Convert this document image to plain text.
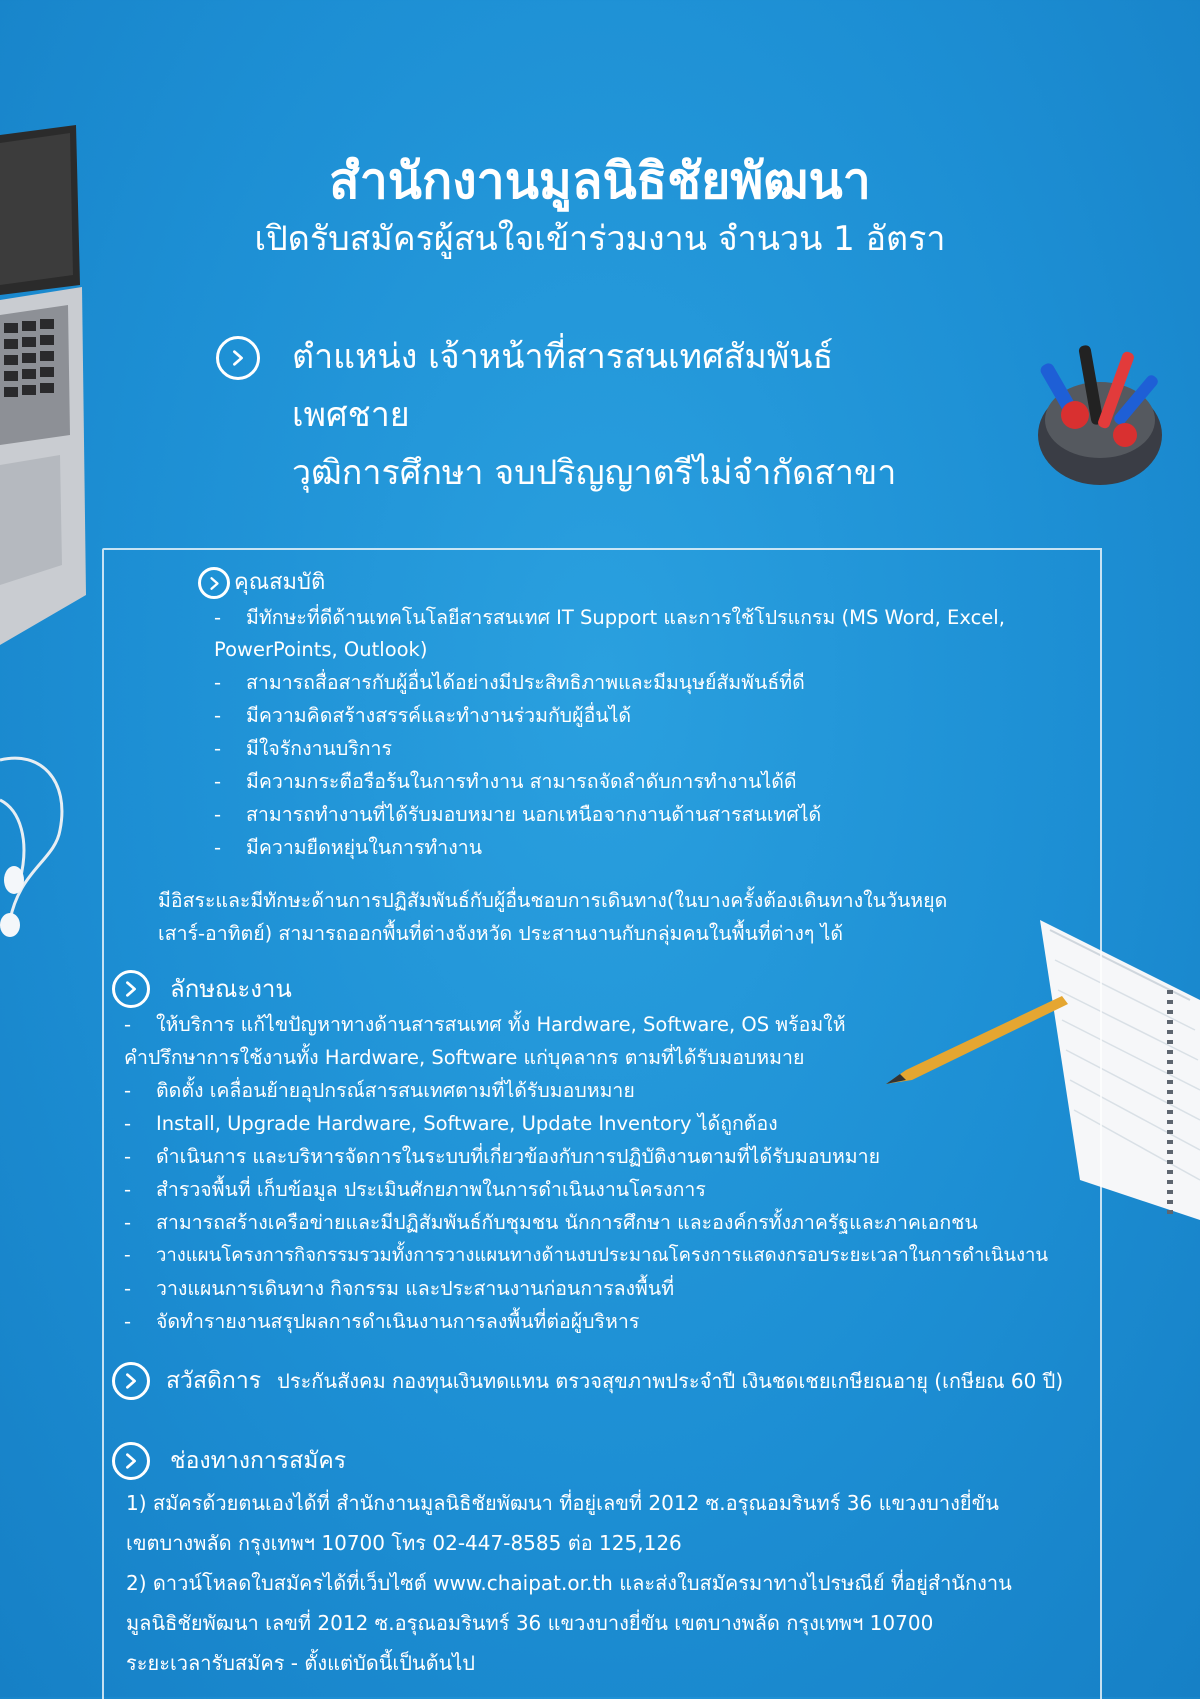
สำนักงานมูลนิธิชัยพัฒนา
เปิดรับสมัครผู้สนใจเข้าร่วมงาน จำนวน 1 อัตรา
ตำแหน่ง เจ้าหน้าที่สารสนเทศสัมพันธ์
เพศชาย
วุฒิการศึกษา จบปริญญาตรีไม่จำกัดสาขา
คุณสมบัติ
- มีทักษะที่ดีด้านเทคโนโลยีสารสนเทศ IT Support และการใช้โปรแกรม (MS Word, Excel,
PowerPoints, Outlook)
- สามารถสื่อสารกับผู้อื่นได้อย่างมีประสิทธิภาพและมีมนุษย์สัมพันธ์ที่ดี
- มีความคิดสร้างสรรค์และทำงานร่วมกับผู้อื่นได้
- มีใจรักงานบริการ
- มีความกระตือรือร้นในการทำงาน สามารถจัดลำดับการทำงานได้ดี
- สามารถทำงานที่ได้รับมอบหมาย นอกเหนือจากงานด้านสารสนเทศได้
- มีความยืดหยุ่นในการทำงาน
มีอิสระและมีทักษะด้านการปฏิสัมพันธ์กับผู้อื่นชอบการเดินทาง(ในบางครั้งต้องเดินทางในวันหยุด
เสาร์-อาทิตย์) สามารถออกพื้นที่ต่างจังหวัด ประสานงานกับกลุ่มคนในพื้นที่ต่างๆ ได้
ลักษณะงาน
- ให้บริการ แก้ไขปัญหาทางด้านสารสนเทศ ทั้ง Hardware, Software, OS พร้อมให้
คำปรึกษาการใช้งานทั้ง Hardware, Software แก่บุคลากร ตามที่ได้รับมอบหมาย
- ติดตั้ง เคลื่อนย้ายอุปกรณ์สารสนเทศตามที่ได้รับมอบหมาย
- Install, Upgrade Hardware, Software, Update Inventory ได้ถูกต้อง
- ดำเนินการ และบริหารจัดการในระบบที่เกี่ยวข้องกับการปฏิบัติงานตามที่ได้รับมอบหมาย
- สำรวจพื้นที่ เก็บข้อมูล ประเมินศักยภาพในการดำเนินงานโครงการ
- สามารถสร้างเครือข่ายและมีปฏิสัมพันธ์กับชุมชน นักการศึกษา และองค์กรทั้งภาครัฐและภาคเอกชน
- วางแผนโครงการกิจกรรมรวมทั้งการวางแผนทางด้านงบประมาณโครงการแสดงกรอบระยะเวลาในการดำเนินงาน
- วางแผนการเดินทาง กิจกรรม และประสานงานก่อนการลงพื้นที่
- จัดทำรายงานสรุปผลการดำเนินงานการลงพื้นที่ต่อผู้บริหาร
สวัสดิการ ประกันสังคม กองทุนเงินทดแทน ตรวจสุขภาพประจำปี เงินชดเชยเกษียณอายุ (เกษียณ 60 ปี)
ช่องทางการสมัคร
1) สมัครด้วยตนเองได้ที่ สำนักงานมูลนิธิชัยพัฒนา ที่อยู่เลขที่ 2012 ซ.อรุณอมรินทร์ 36 แขวงบางยี่ขัน
เขตบางพลัด กรุงเทพฯ 10700 โทร 02-447-8585 ต่อ 125,126
2) ดาวน์โหลดใบสมัครได้ที่เว็บไซต์ www.chaipat.or.th และส่งใบสมัครมาทางไปรษณีย์ ที่อยู่สำนักงาน
มูลนิธิชัยพัฒนา เลขที่ 2012 ซ.อรุณอมรินทร์ 36 แขวงบางยี่ขัน เขตบางพลัด กรุงเทพฯ 10700
ระยะเวลารับสมัคร - ตั้งแต่บัดนี้เป็นต้นไป
